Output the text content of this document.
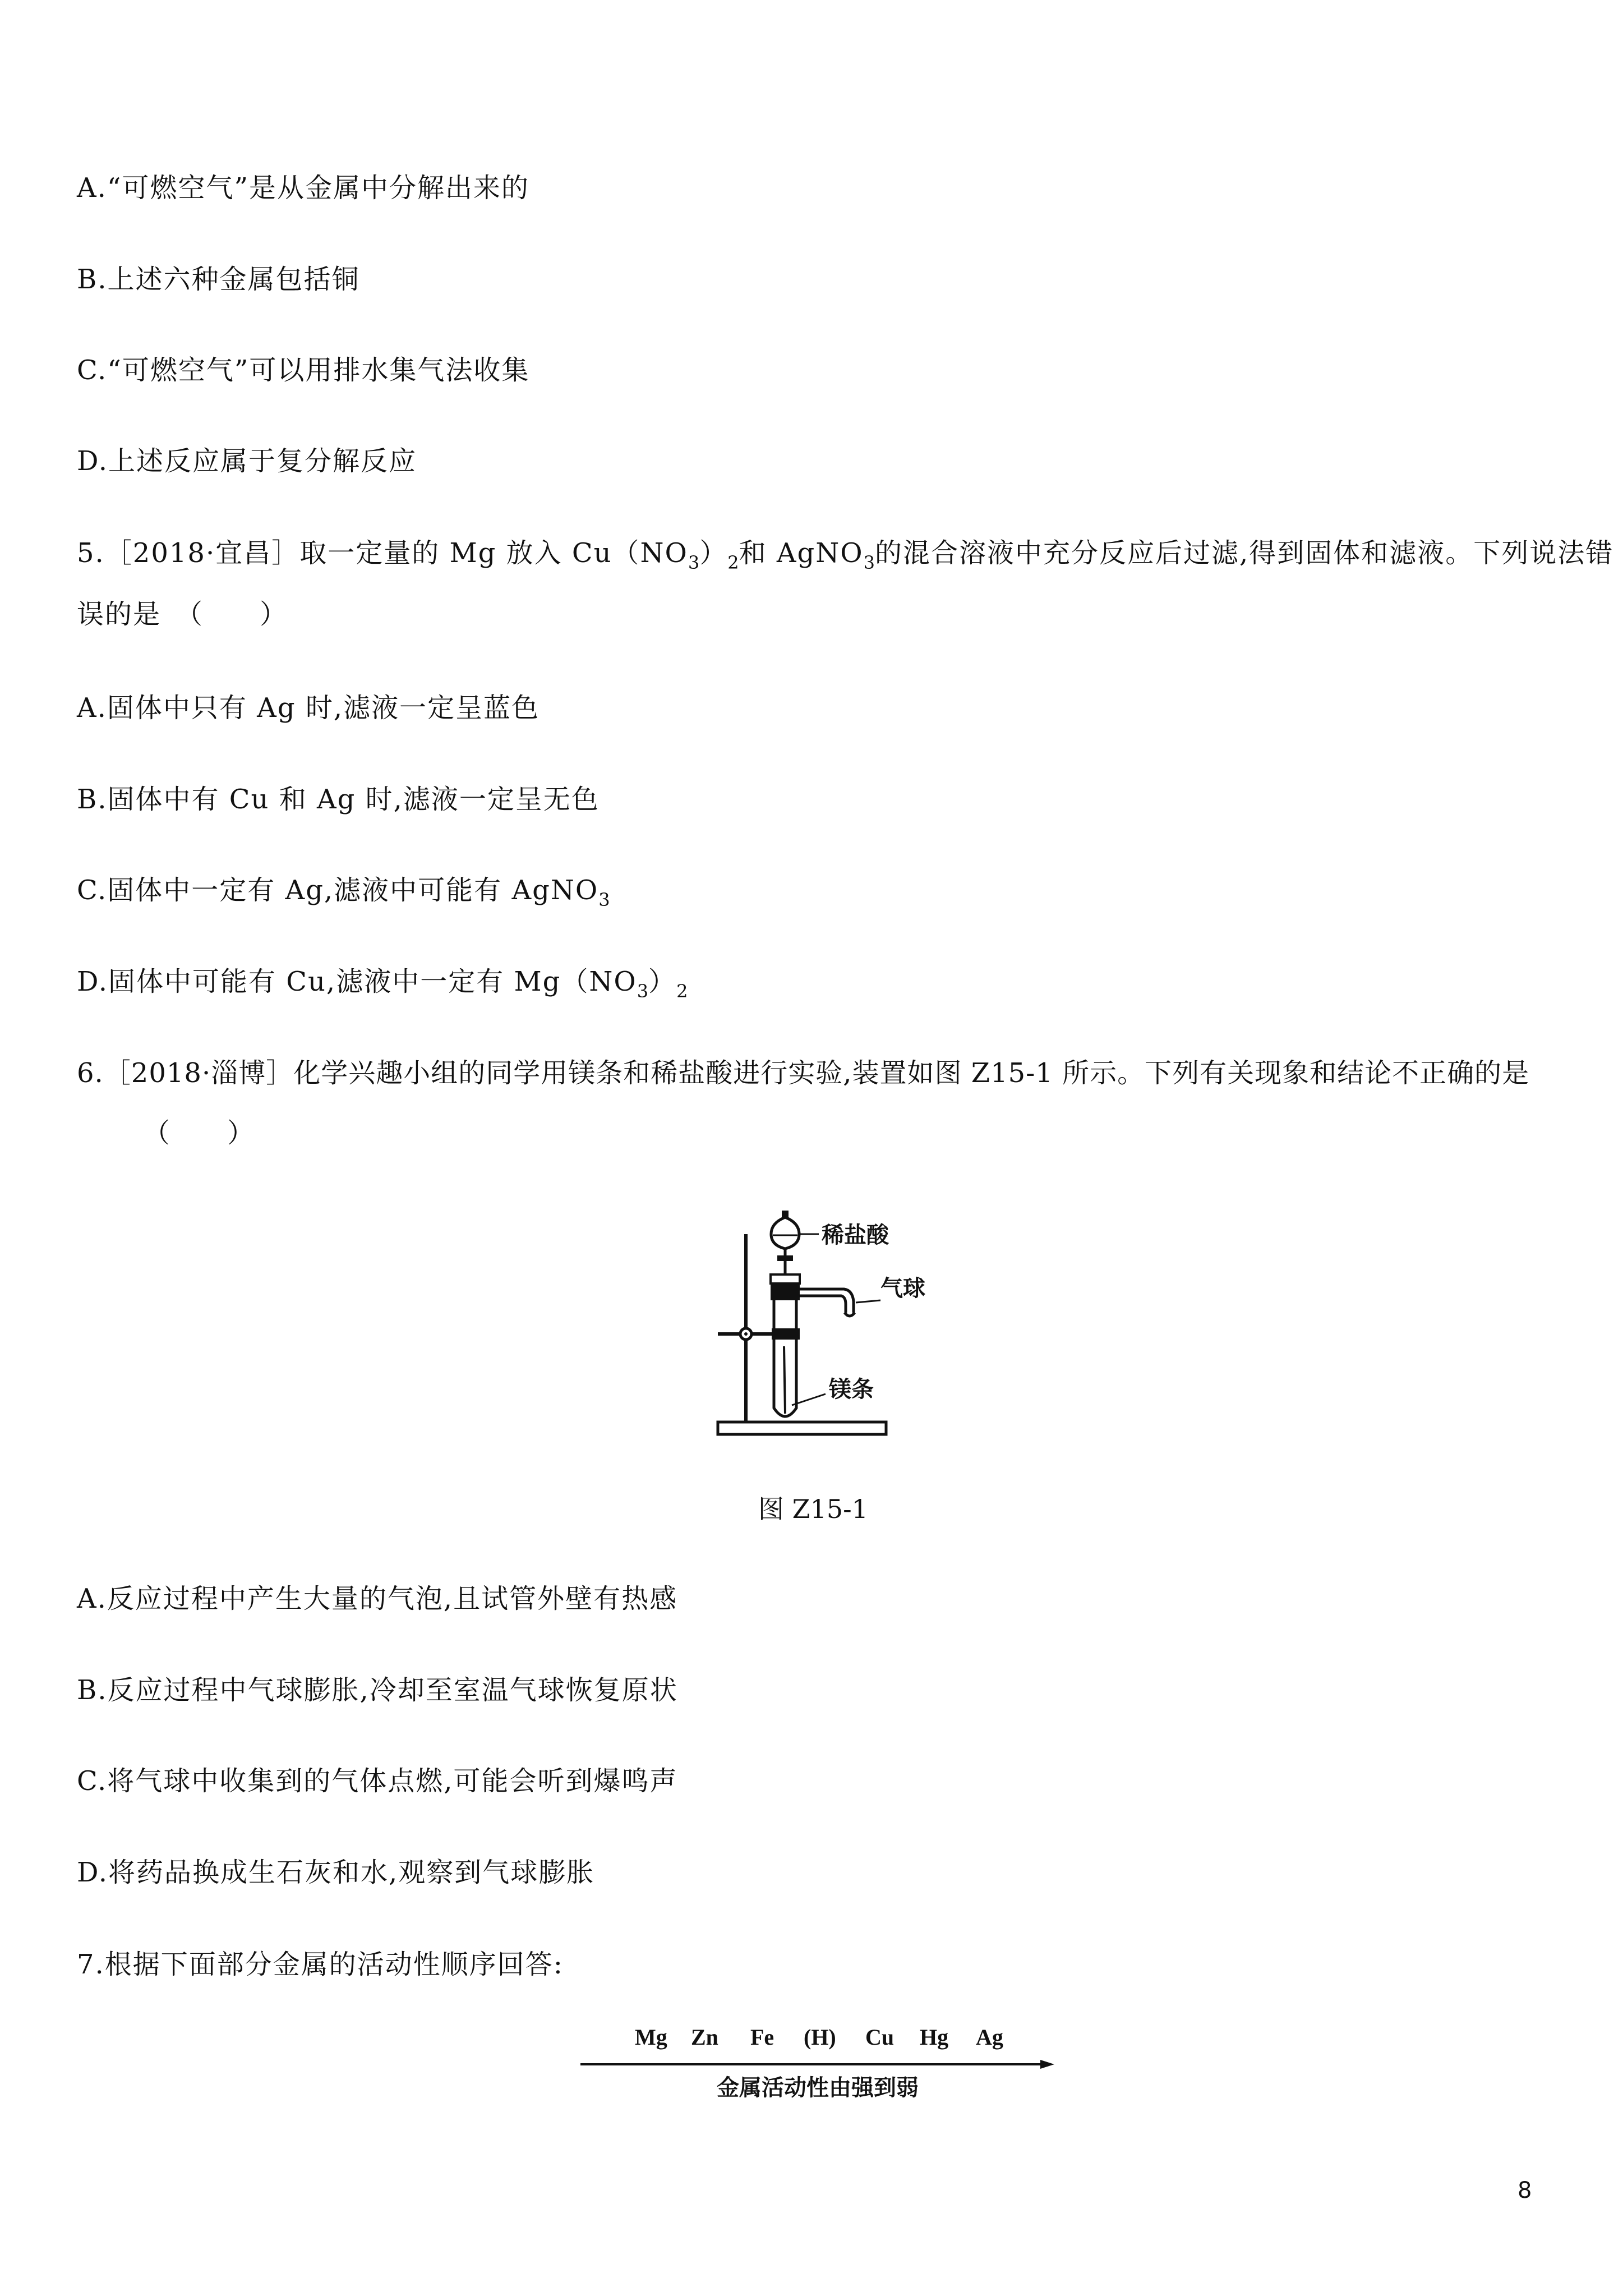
A.“可燃空气”是从金属中分解出来的
B.上述六种金属包括铜
C.“可燃空气”可以用排水集气法收集
D.上述反应属于复分解反应
5.［2018·宜昌］取一定量的 Mg 放入 $Cu(NO_3)_2$和 AgNO$_3$的混合溶液中充分反应后过滤,得到固体和滤液。下列说法错
误的是　（　　）
A.固体中只有 Ag 时,滤液一定呈蓝色
B.固体中有 Cu 和 Ag 时,滤液一定呈无色
C.固体中一定有 Ag,滤液中可能有 AgNO$_3$
D.固体中可能有 Cu,滤液中一定有 $Mg(NO_3)_2$
6.［2018·淄博］化学兴趣小组的同学用镁条和稀盐酸进行实验,装置如图 Z15-1 所示。下列有关现象和结论不正确的是
（　　）
稀盐酸
气球
镁条
图 Z15-1
A.反应过程中产生大量的气泡,且试管外壁有热感
B.反应过程中气球膨胀,冷却至室温气球恢复原状
C.将气球中收集到的气体点燃,可能会听到爆鸣声
D.将药品换成生石灰和水,观察到气球膨胀
7.根据下面部分金属的活动性顺序回答:
Mg Zn Fe (H) Cu Hg Ag
金属活动性由强到弱
8
